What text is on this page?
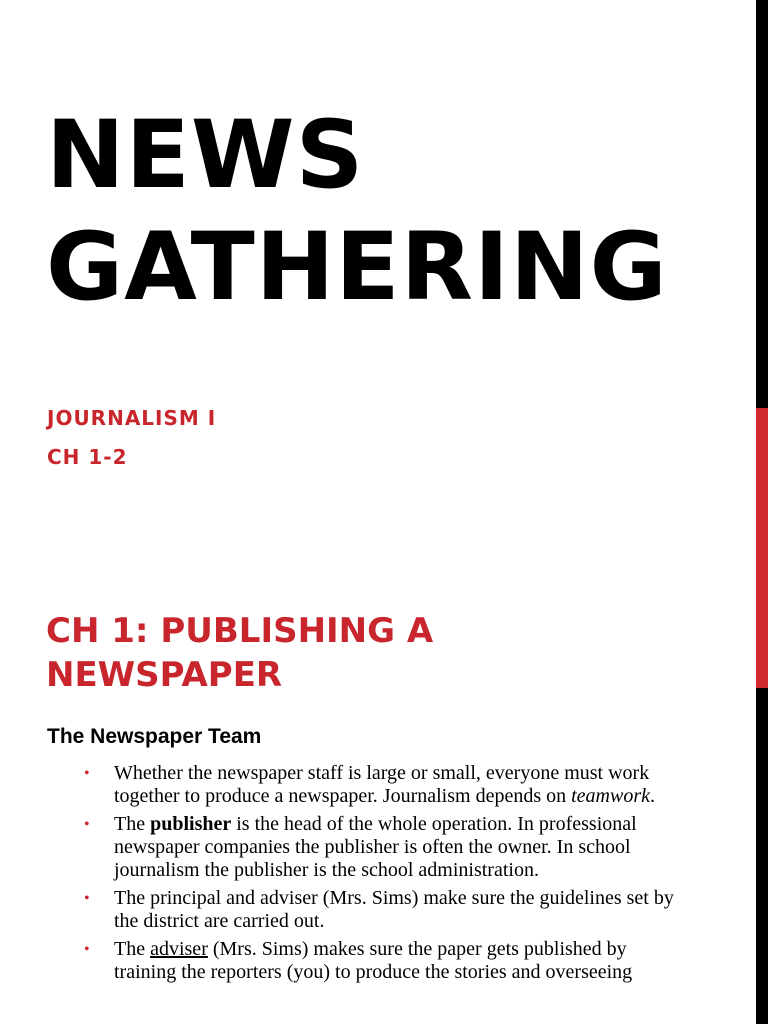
NEWS
GATHERING
JOURNALISM I
CH 1-2
CH 1: PUBLISHING A
NEWSPAPER
The Newspaper Team
• Whether the newspaper staff is large or small, everyone must work together to produce a newspaper. Journalism depends on teamwork.
• The publisher is the head of the whole operation. In professional newspaper companies the publisher is often the owner. In school journalism the publisher is the school administration.
• The principal and adviser (Mrs. Sims) make sure the guidelines set by the district are carried out.
• The adviser (Mrs. Sims) makes sure the paper gets published by training the reporters (you) to produce the stories and overseeing
